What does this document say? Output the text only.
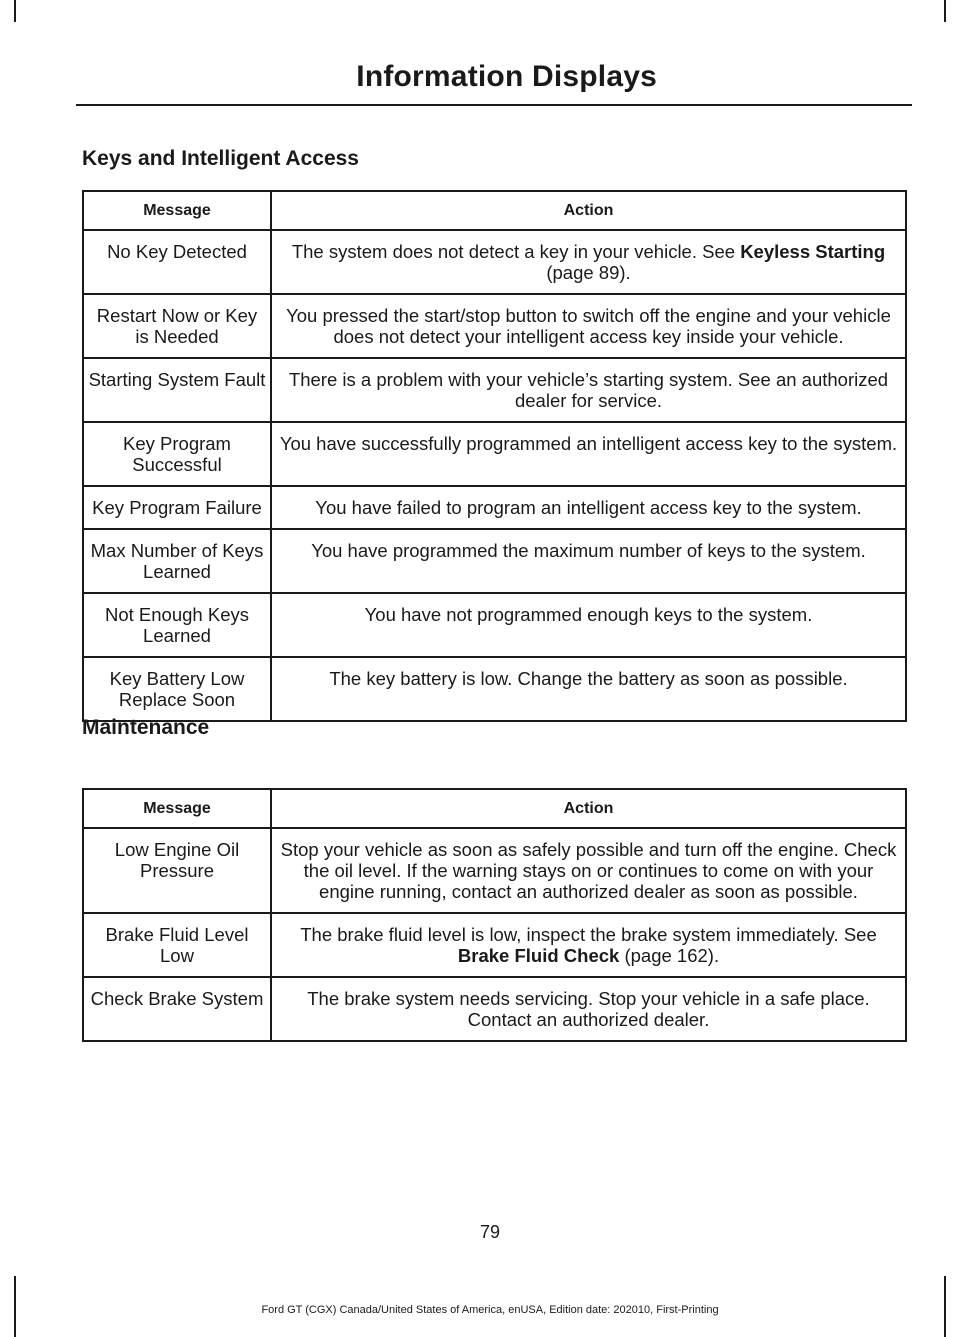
Information Displays
Keys and Intelligent Access
Message	Action
No Key Detected	The system does not detect a key in your vehicle. See Keyless Starting (page 89).
Restart Now or Key is Needed	You pressed the start/stop button to switch off the engine and your vehicle does not detect your intelligent access key inside your vehicle.
Starting System Fault	There is a problem with your vehicle’s starting system. See an authorized dealer for service.
Key Program Successful	You have successfully programmed an intelligent access key to the system.
Key Program Failure	You have failed to program an intelligent access key to the system.
Max Number of Keys Learned	You have programmed the maximum number of keys to the system.
Not Enough Keys Learned	You have not programmed enough keys to the system.
Key Battery Low Replace Soon	The key battery is low. Change the battery as soon as possible.
Maintenance
Message	Action
Low Engine Oil Pressure	Stop your vehicle as soon as safely possible and turn off the engine. Check the oil level. If the warning stays on or continues to come on with your engine running, contact an authorized dealer as soon as possible.
Brake Fluid Level Low	The brake fluid level is low, inspect the brake system immediately. See Brake Fluid Check (page 162).
Check Brake System	The brake system needs servicing. Stop your vehicle in a safe place. Contact an authorized dealer.
79
Ford GT (CGX) Canada/United States of America, enUSA, Edition date: 202010, First-Printing
